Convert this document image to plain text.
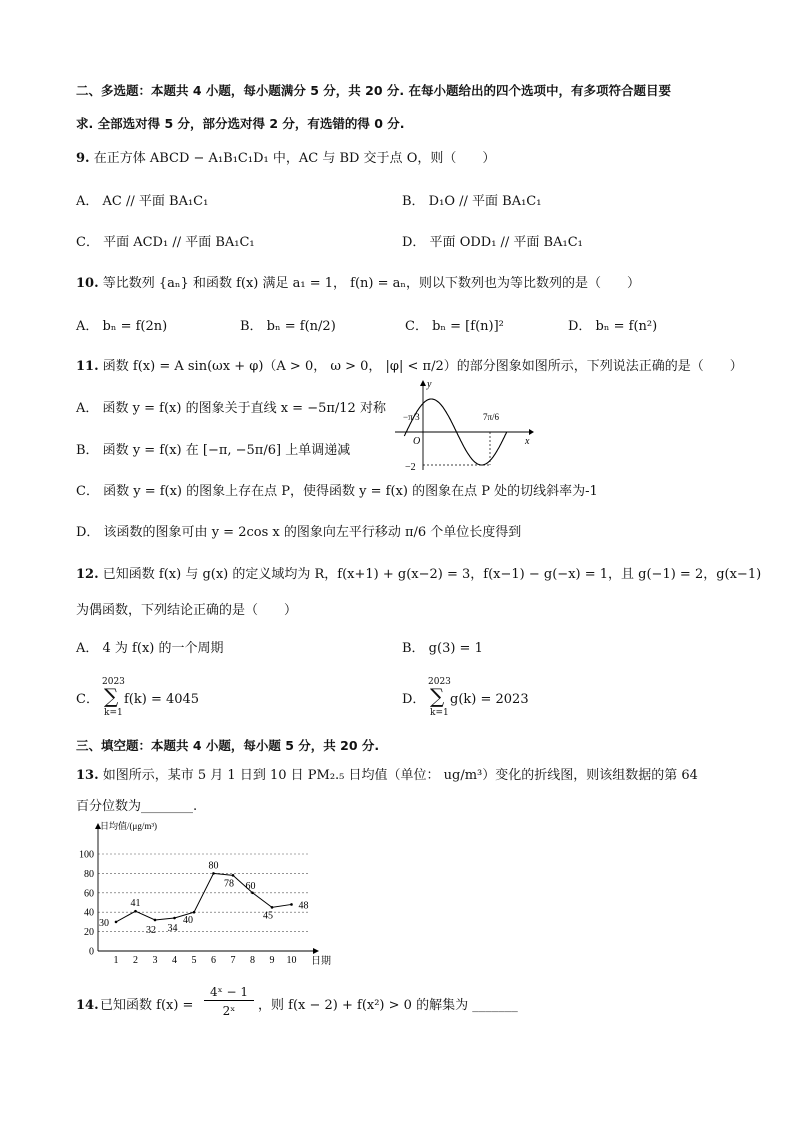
二、多选题：本题共 4 小题，每小题满分 5 分，共 20 分. 在每小题给出的四个选项中，有多项符合题目要
求. 全部选对得 5 分，部分选对得 2 分，有选错的得 0 分.
9. 在正方体 ABCD − A₁B₁C₁D₁ 中，AC 与 BD 交于点 O，则（　　）
A． AC // 平面 BA₁C₁	B． D₁O // 平面 BA₁C₁
C． 平面 ACD₁ // 平面 BA₁C₁	D． 平面 ODD₁ // 平面 BA₁C₁
10. 等比数列 {aₙ} 和函数 f(x) 满足 a₁ = 1， f(n) = aₙ，则以下数列也为等比数列的是（　　）
A． bₙ = f(2n)	B． bₙ = f(n/2)	C． bₙ = [f(n)]²	D． bₙ = f(n²)
11. 函数 f(x) = A sin(ωx + φ)（A > 0， ω > 0， |φ| < π/2）的部分图象如图所示，下列说法正确的是（　　）
A． 函数 y = f(x) 的图象关于直线 x = −5π/12 对称
B． 函数 y = f(x) 在 [−π, −5π/6] 上单调递减
C． 函数 y = f(x) 的图象上存在点 P，使得函数 y = f(x) 的图象在点 P 处的切线斜率为-1
D． 该函数的图象可由 y = 2cos x 的图象向左平行移动 π/6 个单位长度得到
y
x
O
−π/3	7π/6
−2
12. 已知函数 f(x) 与 g(x) 的定义域均为 R，f(x+1) + g(x−2) = 3，f(x−1) − g(−x) = 1，且 g(−1) = 2，g(x−1)
为偶函数，下列结论正确的是（　　）
A． 4 为 f(x) 的一个周期	B． g(3) = 1
C．
2023
∑
k=1
f(k) = 4045	D．
2023
∑
k=1
g(k) = 2023
三、填空题：本题共 4 小题，每小题 5 分，共 20 分.
13. 如图所示，某市 5 月 1 日到 10 日 PM₂.₅ 日均值（单位： ug/m³）变化的折线图，则该组数据的第 64
百分位数为________.
日均值/(μg/m³)
日期
0
20
40
60
80
100
1 2 3 4 5 6 7 8 9 10
30
41
32 34
40
80
78 60
45
48
14. 已知函数 f(x) =
4ˣ − 1
2ˣ	，则 f(x − 2) + f(x²) > 0 的解集为 _______
